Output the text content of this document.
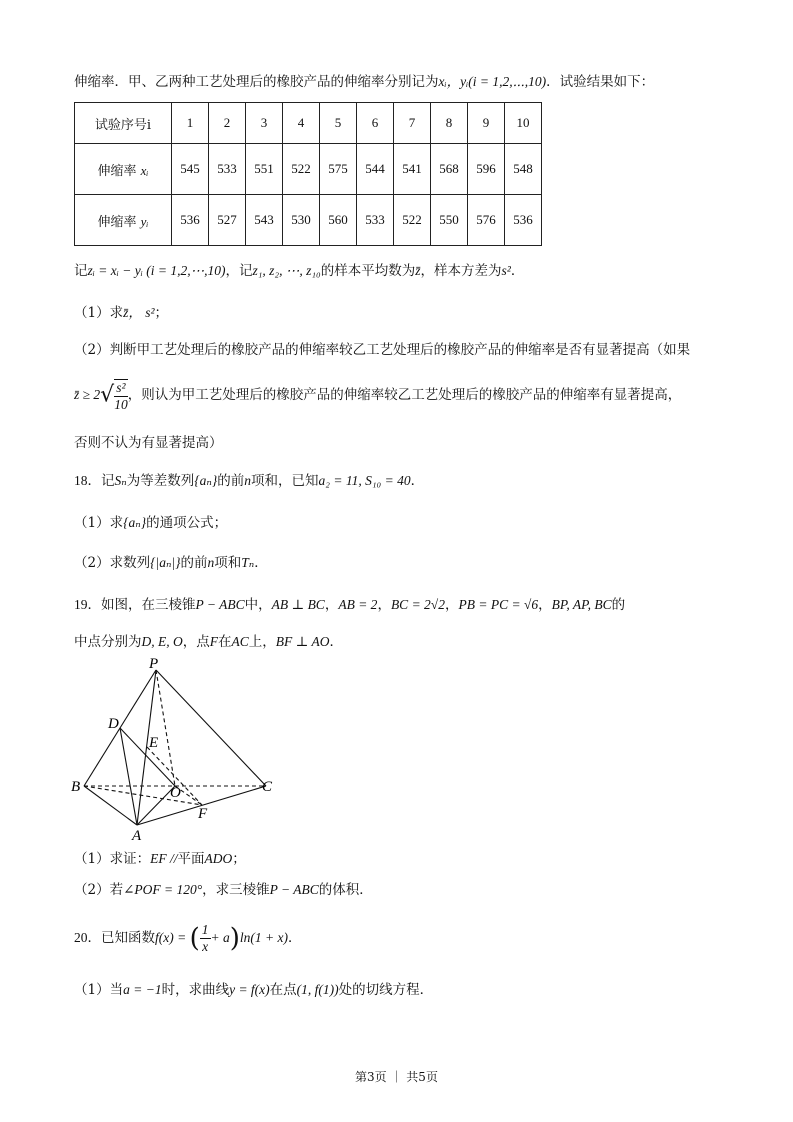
伸缩率．甲、乙两种工艺处理后的橡胶产品的伸缩率分别记为xᵢ，yᵢ(i = 1,2,⋯,10)．试验结果如下：
试验序号i	1	2	3	4	5	6	7	8	9	10
伸缩率 xᵢ	545	533	551	522	575	544	541	568	596	548
伸缩率 yᵢ	536	527	543	530	560	533	522	550	576	536
记zᵢ = xᵢ − yᵢ (i = 1,2,⋯,10)，记z₁, z₂, ⋯, z₁₀的样本平均数为z̄，样本方差为s²．
（1）求z̄， s²；
（2）判断甲工艺处理后的橡胶产品的伸缩率较乙工艺处理后的橡胶产品的伸缩率是否有显著提高（如果
z̄ ≥ $2√ \frac{\text{s²}}{10}$ ，则认为甲工艺处理后的橡胶产品的伸缩率较乙工艺处理后的橡胶产品的伸缩率有显著提高，
否则不认为有显著提高）
18．记Sₙ为等差数列{aₙ}的前n项和，已知a₂ = 11, S₁₀ = 40．
（1）求{aₙ}的通项公式；
（2）求数列{|aₙ|}的前n项和Tₙ．
19．如图，在三棱锥P − ABC中，AB ⊥ BC，AB = 2，BC = 2√2，PB = PC = √6，BP, AP, BC的
中点分别为D, E, O，点F在AC上，BF ⊥ AO．
P
D
E
B	O	C
F
A
（1）求证：EF //平面ADO；
（2）若∠POF = 120°，求三棱锥P − ABC的体积．
20．已知函数f(x) = ( $\frac{1}{x} + a)\ln(1 + x)$．
（1）当a = −1时，求曲线y = f(x)在点(1, f(1))处的切线方程．
第3页 ｜ 共5页
